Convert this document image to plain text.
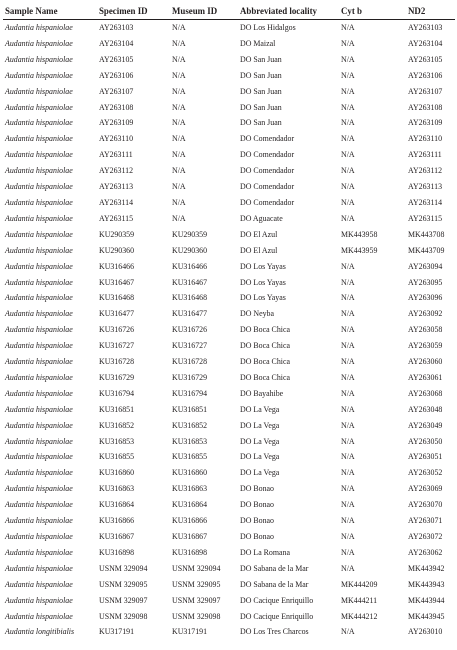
Sample Name	Specimen ID	Museum ID	Abbreviated locality	Cyt b	ND2
Audantia hispaniolae	AY263103	N/A	DO Los Hidalgos	N/A	AY263103
Audantia hispaniolae	AY263104	N/A	DO Maizal	N/A	AY263104
Audantia hispaniolae	AY263105	N/A	DO San Juan	N/A	AY263105
Audantia hispaniolae	AY263106	N/A	DO San Juan	N/A	AY263106
Audantia hispaniolae	AY263107	N/A	DO San Juan	N/A	AY263107
Audantia hispaniolae	AY263108	N/A	DO San Juan	N/A	AY263108
Audantia hispaniolae	AY263109	N/A	DO San Juan	N/A	AY263109
Audantia hispaniolae	AY263110	N/A	DO Comendador	N/A	AY263110
Audantia hispaniolae	AY263111	N/A	DO Comendador	N/A	AY263111
Audantia hispaniolae	AY263112	N/A	DO Comendador	N/A	AY263112
Audantia hispaniolae	AY263113	N/A	DO Comendador	N/A	AY263113
Audantia hispaniolae	AY263114	N/A	DO Comendador	N/A	AY263114
Audantia hispaniolae	AY263115	N/A	DO Aguacate	N/A	AY263115
Audantia hispaniolae	KU290359	KU290359	DO El Azul	MK443958	MK443708
Audantia hispaniolae	KU290360	KU290360	DO El Azul	MK443959	MK443709
Audantia hispaniolae	KU316466	KU316466	DO Los Yayas	N/A	AY263094
Audantia hispaniolae	KU316467	KU316467	DO Los Yayas	N/A	AY263095
Audantia hispaniolae	KU316468	KU316468	DO Los Yayas	N/A	AY263096
Audantia hispaniolae	KU316477	KU316477	DO Neyba	N/A	AY263092
Audantia hispaniolae	KU316726	KU316726	DO Boca Chica	N/A	AY263058
Audantia hispaniolae	KU316727	KU316727	DO Boca Chica	N/A	AY263059
Audantia hispaniolae	KU316728	KU316728	DO Boca Chica	N/A	AY263060
Audantia hispaniolae	KU316729	KU316729	DO Boca Chica	N/A	AY263061
Audantia hispaniolae	KU316794	KU316794	DO Bayahibe	N/A	AY263068
Audantia hispaniolae	KU316851	KU316851	DO La Vega	N/A	AY263048
Audantia hispaniolae	KU316852	KU316852	DO La Vega	N/A	AY263049
Audantia hispaniolae	KU316853	KU316853	DO La Vega	N/A	AY263050
Audantia hispaniolae	KU316855	KU316855	DO La Vega	N/A	AY263051
Audantia hispaniolae	KU316860	KU316860	DO La Vega	N/A	AY263052
Audantia hispaniolae	KU316863	KU316863	DO Bonao	N/A	AY263069
Audantia hispaniolae	KU316864	KU316864	DO Bonao	N/A	AY263070
Audantia hispaniolae	KU316866	KU316866	DO Bonao	N/A	AY263071
Audantia hispaniolae	KU316867	KU316867	DO Bonao	N/A	AY263072
Audantia hispaniolae	KU316898	KU316898	DO La Romana	N/A	AY263062
Audantia hispaniolae	USNM 329094	USNM 329094	DO Sabana de la Mar	N/A	MK443942
Audantia hispaniolae	USNM 329095	USNM 329095	DO Sabana de la Mar	MK444209	MK443943
Audantia hispaniolae	USNM 329097	USNM 329097	DO Cacique Enriquillo	MK444211	MK443944
Audantia hispaniolae	USNM 329098	USNM 329098	DO Cacique Enriquillo	MK444212	MK443945
Audantia longitibialis	KU317191	KU317191	DO Los Tres Charcos	N/A	AY263010
